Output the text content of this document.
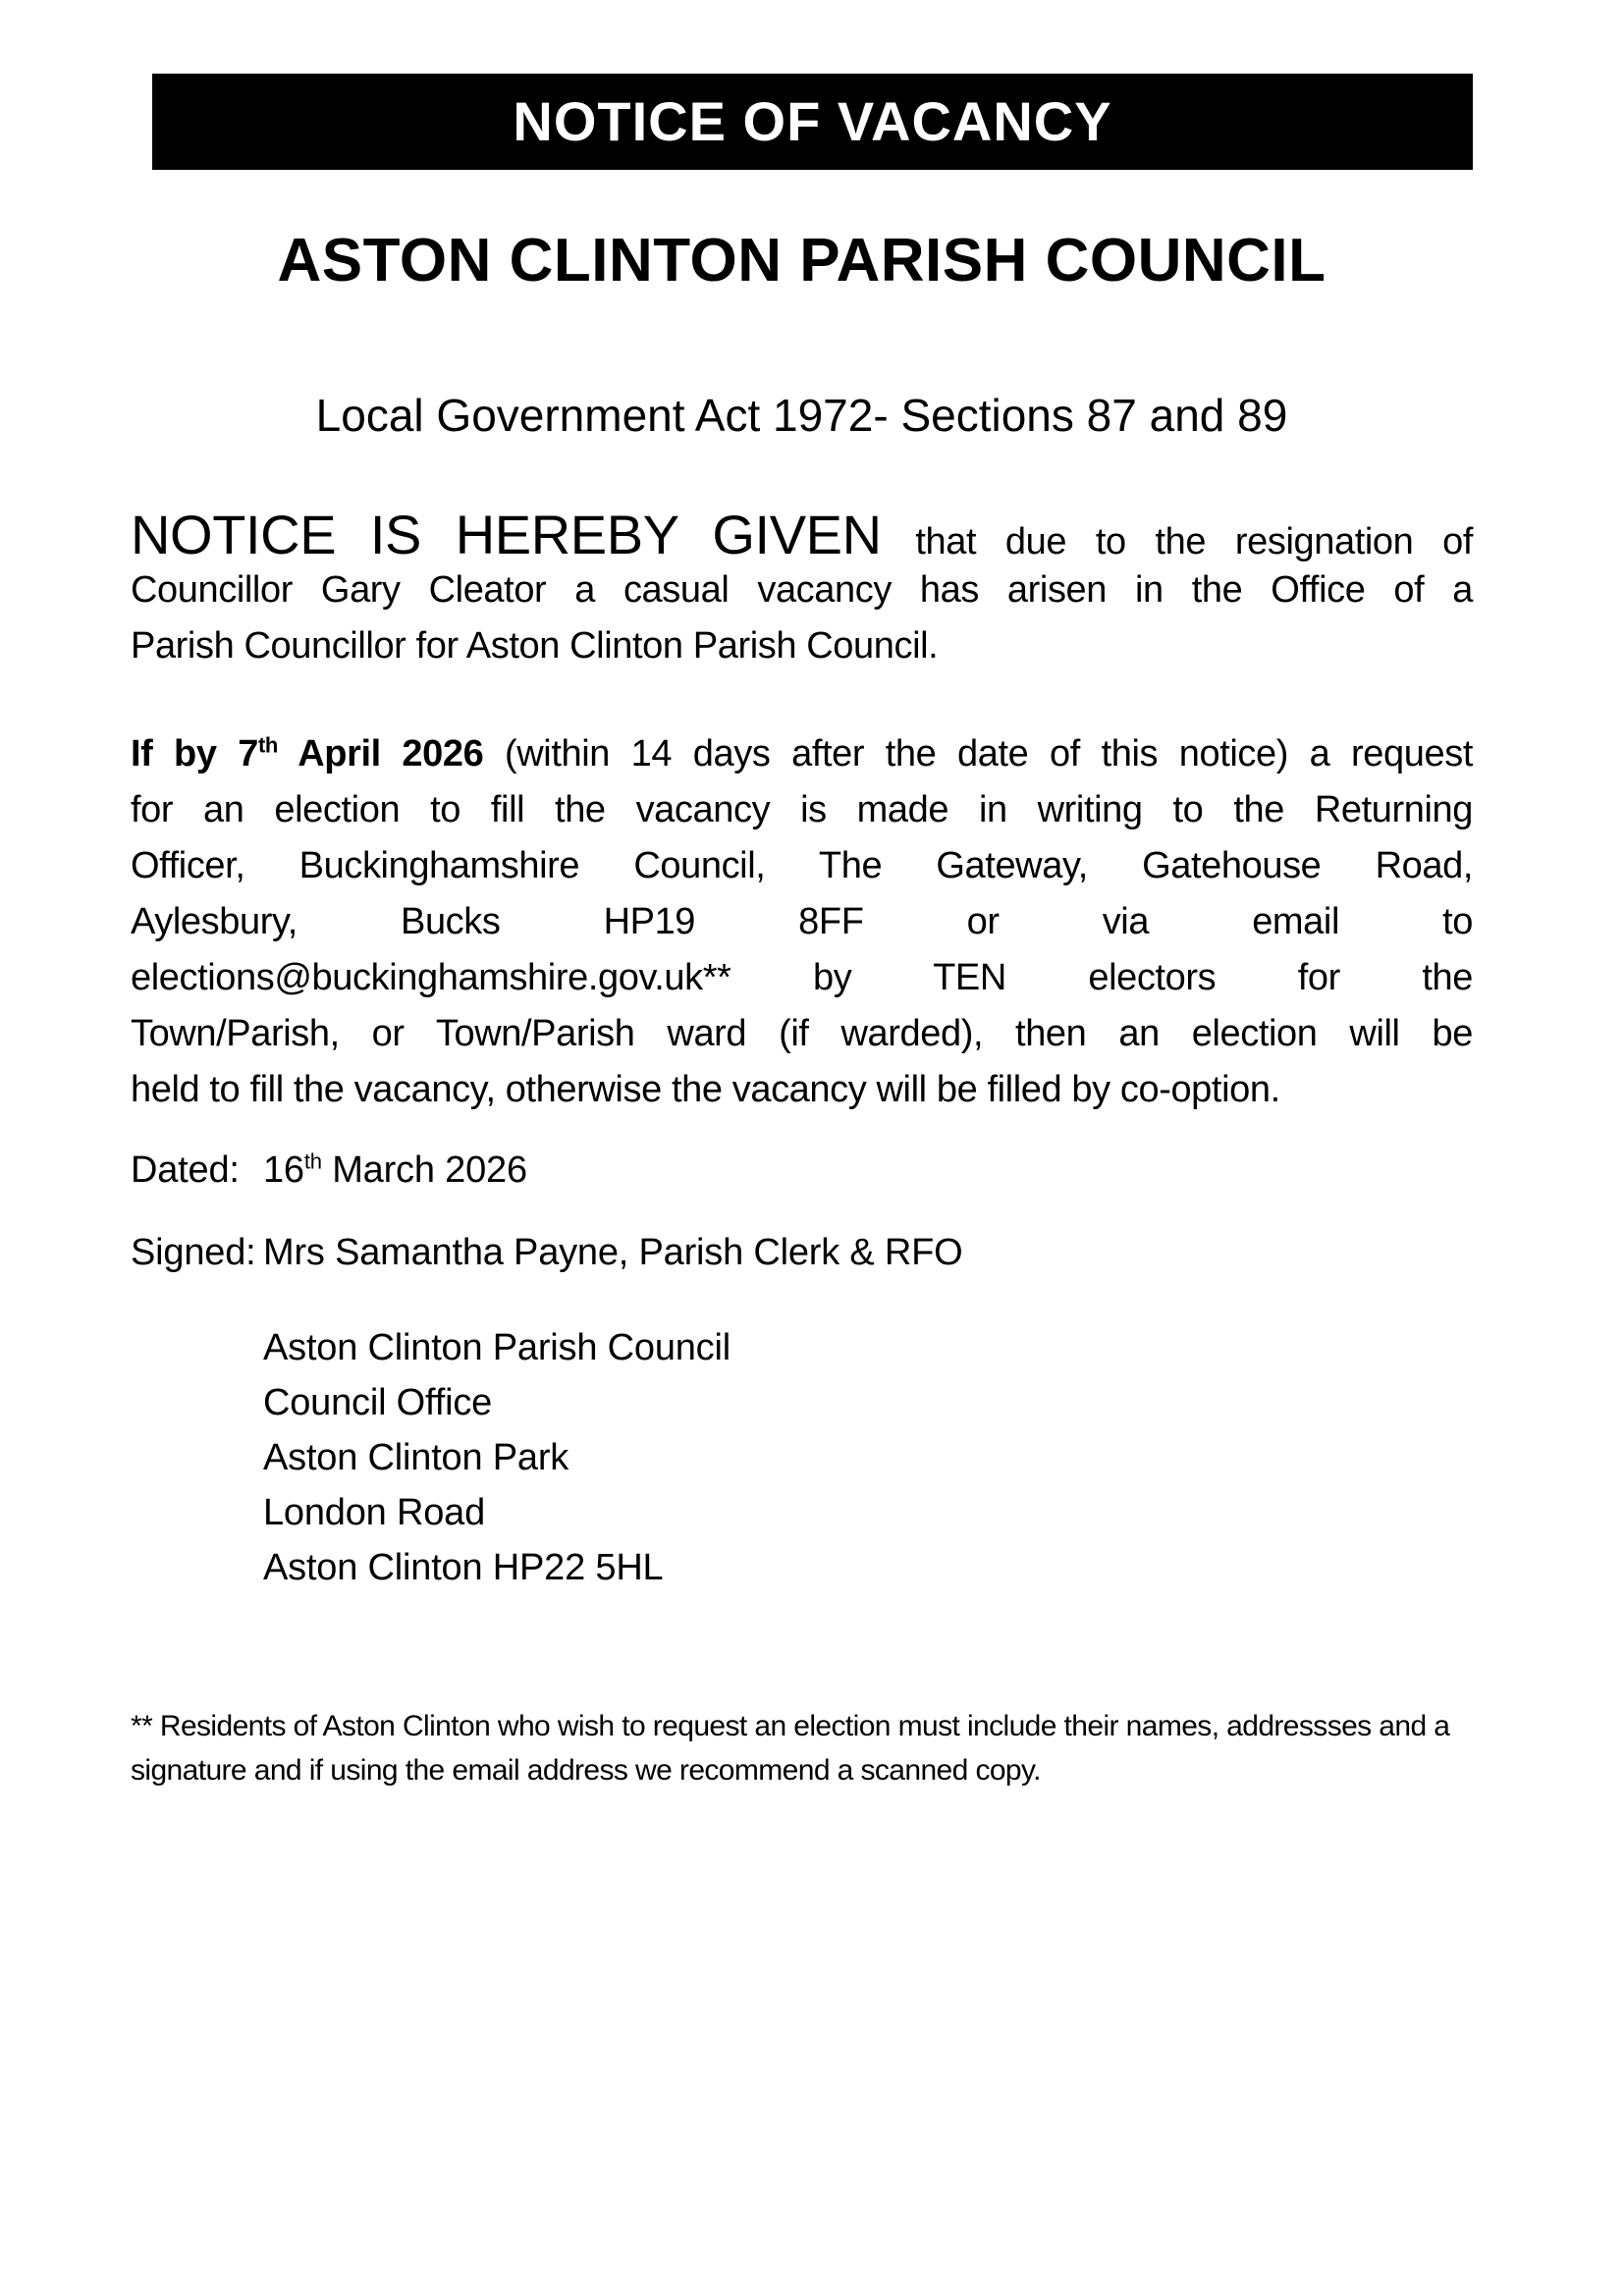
NOTICE OF VACANCY
ASTON CLINTON PARISH COUNCIL
Local Government Act 1972- Sections 87 and 89
NOTICE IS HEREBY GIVEN that due to the resignation of
Councillor Gary Cleator a casual vacancy has arisen in the Office of a
Parish Councillor for Aston Clinton Parish Council.
If by 7th April 2026 (within 14 days after the date of this notice) a request
for an election to fill the vacancy is made in writing to the Returning
Officer, Buckinghamshire Council, The Gateway, Gatehouse Road,
Aylesbury, Bucks HP19 8FF or via email to
elections@buckinghamshire.gov.uk** by TEN electors for the
Town/Parish, or Town/Parish ward (if warded), then an election will be
held to fill the vacancy, otherwise the vacancy will be filled by co-option.
Dated: 16th March 2026
Signed: Mrs Samantha Payne, Parish Clerk & RFO
Aston Clinton Parish Council
Council Office
Aston Clinton Park
London Road
Aston Clinton HP22 5HL
** Residents of Aston Clinton who wish to request an election must include their names, addressses and a
signature and if using the email address we recommend a scanned copy.
